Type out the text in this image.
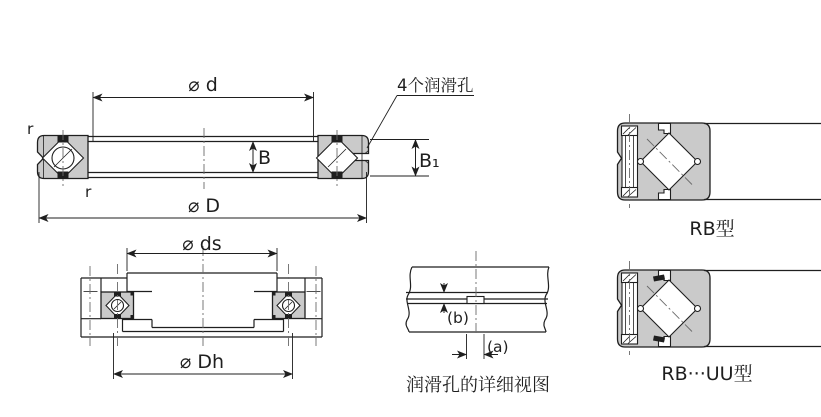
⌀ d
⌀ D
B	B₁
r
r
4个润滑孔
⌀ ds
⌀ Dh
(b)
(a)
润滑孔的详细视图
RB型
RB···UU型
